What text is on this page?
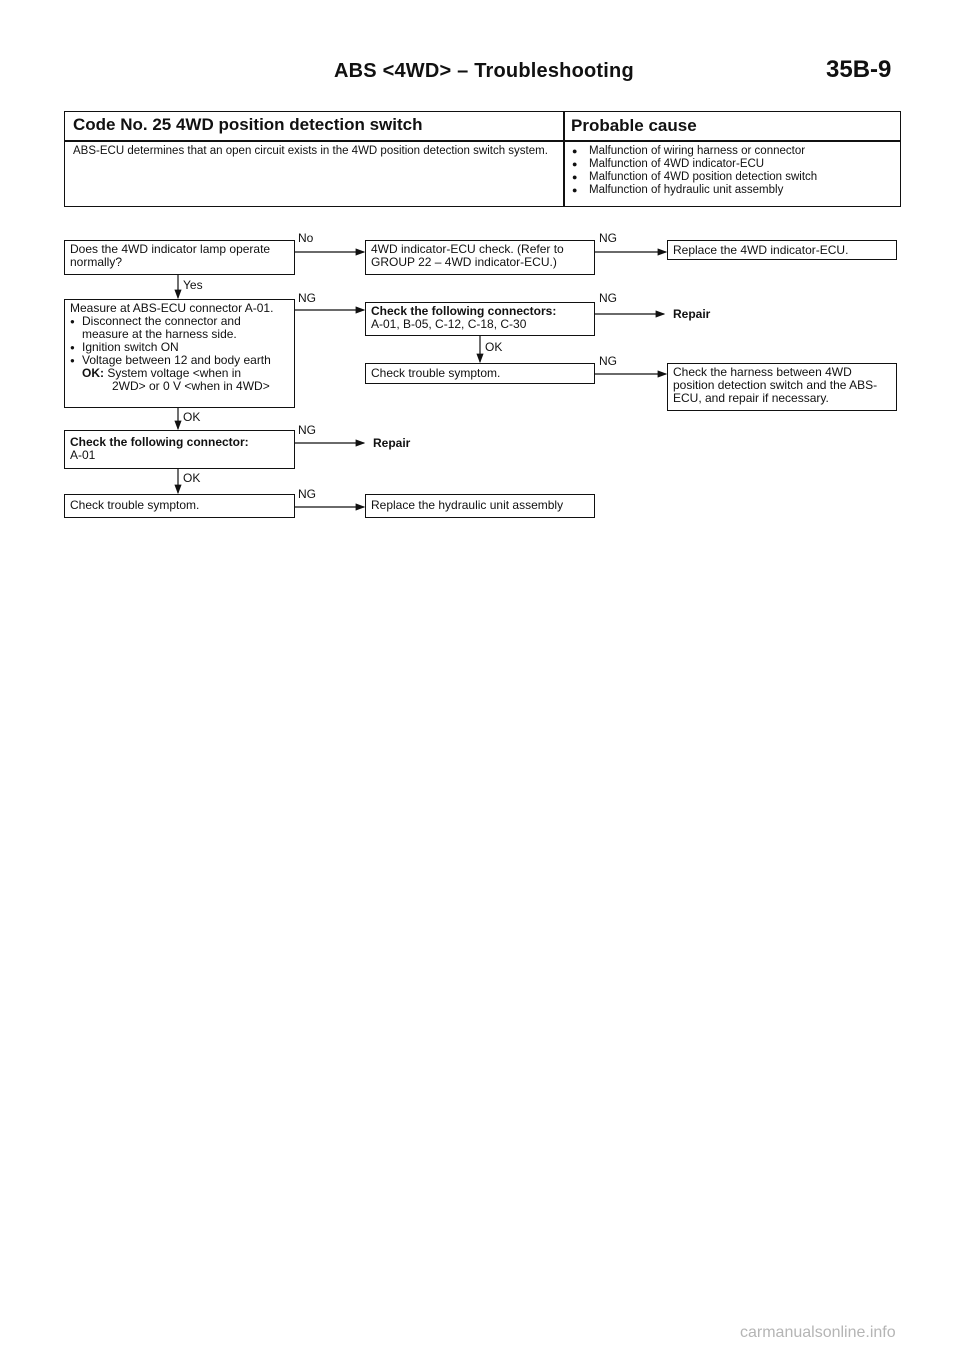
ABS <4WD> – Troubleshooting	35B-9
Code No. 25 4WD position detection switch	Probable cause
ABS-ECU determines that an open circuit exists in the 4WD position detection switch system.
●	Malfunction of wiring harness or connector
● Malfunction of 4WD indicator-ECU
● Malfunction of 4WD position detection switch
● Malfunction of hydraulic unit assembly
Does the 4WD indicator lamp operate normally?
No
Yes
4WD indicator-ECU check. (Refer to GROUP 22 – 4WD indicator-ECU.)
NG
Replace the 4WD indicator-ECU.
Measure at ABS-ECU connector A-01.
● Disconnect the connector and measure at the harness side.
● Ignition switch ON
● Voltage between 12 and body earth
OK: System voltage <when in
2WD> or 0 V <when in 4WD>
NG
OK
Check the following connectors:
A-01, B-05, C-12, C-18, C-30
NG
Repair
OK
Check trouble symptom.
NG
Check the harness between 4WD position detection switch and the ABS-ECU, and repair if necessary.
Check the following connector:
A-01
NG
Repair
OK
Check trouble symptom.
NG
Replace the hydraulic unit assembly
carmanualsonline.info
